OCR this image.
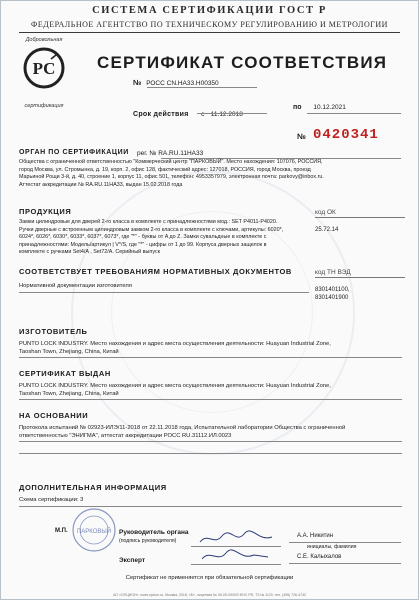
СИСТЕМА СЕРТИФИКАЦИИ ГОСТ Р
ФЕДЕРАЛЬНОЕ АГЕНТСТВО ПО ТЕХНИЧЕСКОМУ РЕГУЛИРОВАНИЮ И МЕТРОЛОГИИ
Добровольная
РС
сертификация
СЕРТИФИКАТ СООТВЕТСТВИЯ
№ РОСС CN.НА33.Н00350
Срок действия с 11.12.2018
по 10.12.2021
№ 0420341
ОРГАН ПО СЕРТИФИКАЦИИ рег. № RA.RU.11НА33
Общества с ограниченной ответственностью "Коммерческий центр "ПАРКОВЫЙ". Место нахождения: 107076, РОССИЯ,
город Москва, ул. Стромынка, д. 19, корп. 2, офис 128, фактический адрес: 127018, РОССИЯ, город Москва, проезд
Марьиной Рощи 3-й, д. 40, строение 1, корпус 11, офис 501, телефон: 4953357979, электронная почта: parkovy@inbox.ru.
Аттестат аккредитации № RA.RU.11НА33, выдан 15.02.2018 года
ПРОДУКЦИЯ
Замки цилиндровые для дверей 2-го класса в комплекте с принадлежностями мод.: SET P4011-P4020.
Ручки дверные с встроенным цилиндровым замком 2-го класса в комплекте с ключами, артикулы: 6020*,
6024*, 6026*, 6030*, 6033*, 6037*, 6073*, где "*" - буквы от A до Z. Замки сувальдные в комплекте с
принадлежностями: Модель/артикул | V*/S, где "*" - цифры от 1 до 99. Корпуса дверных защелок в
комплекте с ручками Set4/A , Set72/A. Серийный выпуск
код ОК
25.72.14
СООТВЕТСТВУЕТ ТРЕБОВАНИЯМ НОРМАТИВНЫХ ДОКУМЕНТОВ
Нормативной документации изготовителя
код ТН ВЭД
8301401100,
8301401900
ИЗГОТОВИТЕЛЬ
PUNTO LOCK INDUSTRY. Место нахождения и адрес места осуществления деятельности: Huayuan Industrial Zone,
Taoshan Town, Zhejiang, China, Китай
СЕРТИФИКАТ ВЫДАН
PUNTO LOCK INDUSTRY. Место нахождения и адрес места осуществления деятельности: Huayuan Industrial Zone,
Taoshan Town, Zhejiang, China, Китай
НА ОСНОВАНИИ
Протокола испытаний № 02923-ИЛЭ/11-2018 от 22.11.2018 года, Испытательной лаборатории Общества с ограниченной
ответственностью "ЭНИГМА", аттестат аккредитации РОСС RU.31112.ИЛ.0023
ДОПОЛНИТЕЛЬНАЯ ИНФОРМАЦИЯ
Схема сертификации: 3
ПАРКОВЫЙ
М.П.	Руководитель органа
(подпись руководителя)
А.А. Никитин
инициалы, фамилия
Эксперт	С.Е. Калыхалов
Сертификат не применяется при обязательной сертификации
АО «ОПЦИОН», www.opcion.ru, Москва, 2018, «Б», лицензия № 05-05-09/003 ФНС РФ, ТЗ № 1120, тел. (495) 726-4742
